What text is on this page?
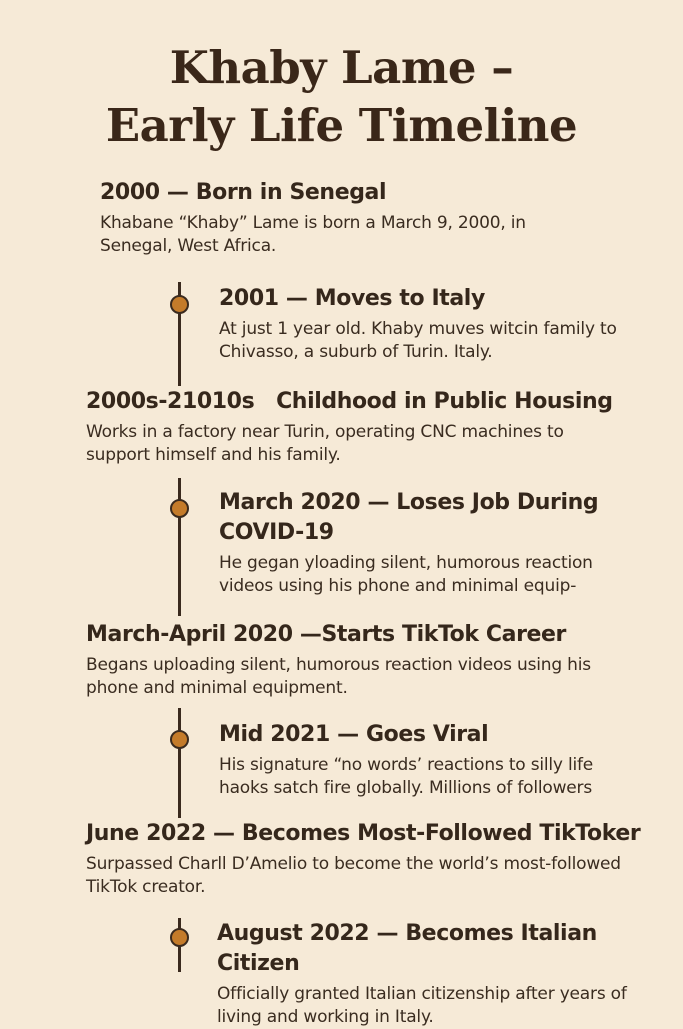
Khaby Lame –
Early Life Timeline
2000 — Born in Senegal
Khabane “Khaby” Lame is born a March 9, 2000, in Senegal, West Africa.
2001 — Moves to Italy
At just 1 year old. Khaby muves witcin family to Chivasso, a suburb of Turin. Italy.
2000s-21010s   Childhood in Public Housing
Works in a factory near Turin, operating CNC machines to support himself and his family.
March 2020 — Loses Job During COVID-19
He gegan yloading silent, humorous reaction videos using his phone and minimal equip-
March-April 2020 —Starts TikTok Career
Begans uploading silent, humorous reaction videos using his phone and minimal equipment.
Mid 2021 — Goes Viral
His signature “no words’ reactions to silly life haoks satch fire globally. Millions of followers
June 2022 — Becomes Most-Followed TikToker
Surpassed Charll D’Amelio to become the world’s most-followed TikTok creator.
August 2022 — Becomes Italian Citizen
Officially granted Italian citizenship after years of living and working in Italy.
